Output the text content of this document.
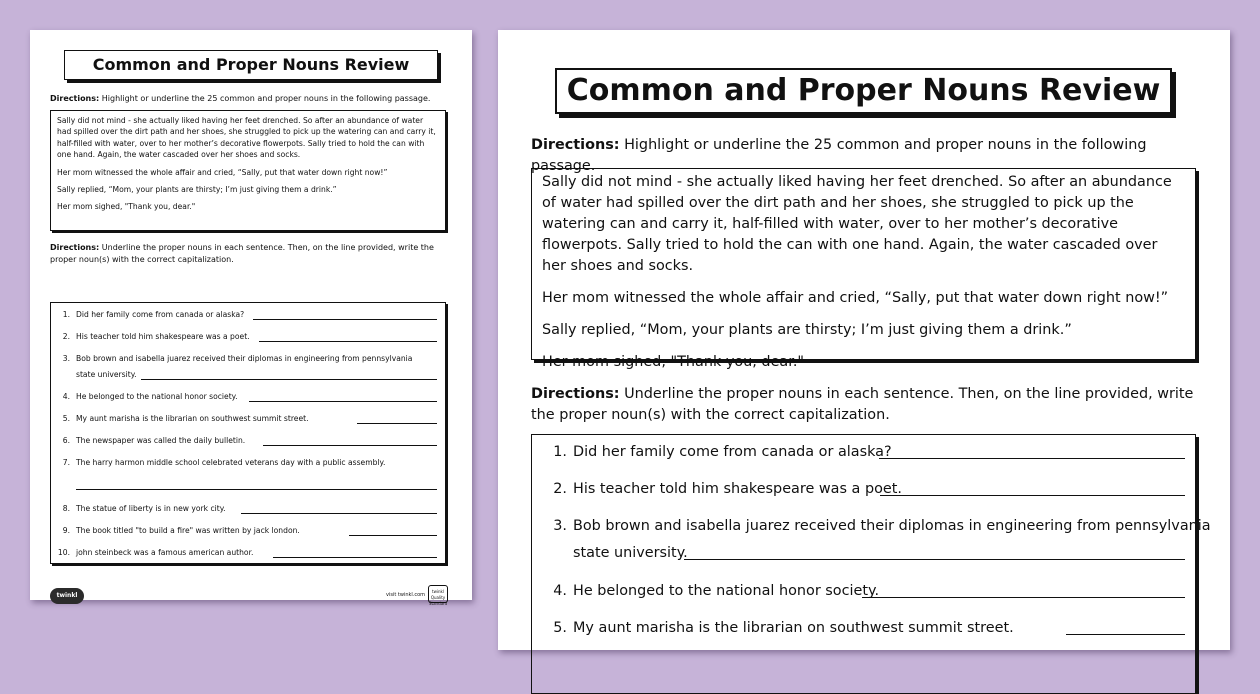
Common and Proper Nouns Review
Directions: Highlight or underline the 25 common and proper nouns in the following passage.

Sally did not mind - she actually liked having her feet drenched. So after an abundance of water had spilled over the dirt path and her shoes, she struggled to pick up the watering can and carry it, half-filled with water, over to her mother’s decorative flowerpots. Sally tried to hold the can with one hand. Again, the water cascaded over her shoes and socks.

Her mom witnessed the whole affair and cried, “Sally, put that water down right now!”

Sally replied, “Mom, your plants are thirsty; I’m just giving them a drink.”

Her mom sighed, "Thank you, dear."

Directions: Underline the proper nouns in each sentence. Then, on the line provided, write the proper noun(s) with the correct capitalization.
1. Did her family come from canada or alaska?
2. His teacher told him shakespeare was a poet.
3. Bob brown and isabella juarez received their diplomas in engineering from pennsylvania
state university.
4. He belonged to the national honor society.
5. My aunt marisha is the librarian on southwest summit street.
6. The newspaper was called the daily bulletin.
7. The harry harmon middle school celebrated veterans day with a public assembly.
8. The statue of liberty is in new york city.
9. The book titled "to build a fire" was written by jack london.
10. john steinbeck was a famous american author.
twinkl	visit twinkl.com
twinkl Quality Standard
Common and Proper Nouns Review
Directions: Highlight or underline the 25 common and proper nouns in the following passage.

Sally did not mind - she actually liked having her feet drenched. So after an abundance of water had spilled over the dirt path and her shoes, she struggled to pick up the watering can and carry it, half-filled with water, over to her mother’s decorative flowerpots. Sally tried to hold the can with one hand. Again, the water cascaded over her shoes and socks.

Her mom witnessed the whole affair and cried, “Sally, put that water down right now!”

Sally replied, “Mom, your plants are thirsty; I’m just giving them a drink.”

Her mom sighed, "Thank you, dear."

Directions: Underline the proper nouns in each sentence. Then, on the line provided, write the proper noun(s) with the correct capitalization.
1. Did her family come from canada or alaska?
2. His teacher told him shakespeare was a poet.
3. Bob brown and isabella juarez received their diplomas in engineering from pennsylvania
state university.
4. He belonged to the national honor society.
5. My aunt marisha is the librarian on southwest summit street.
